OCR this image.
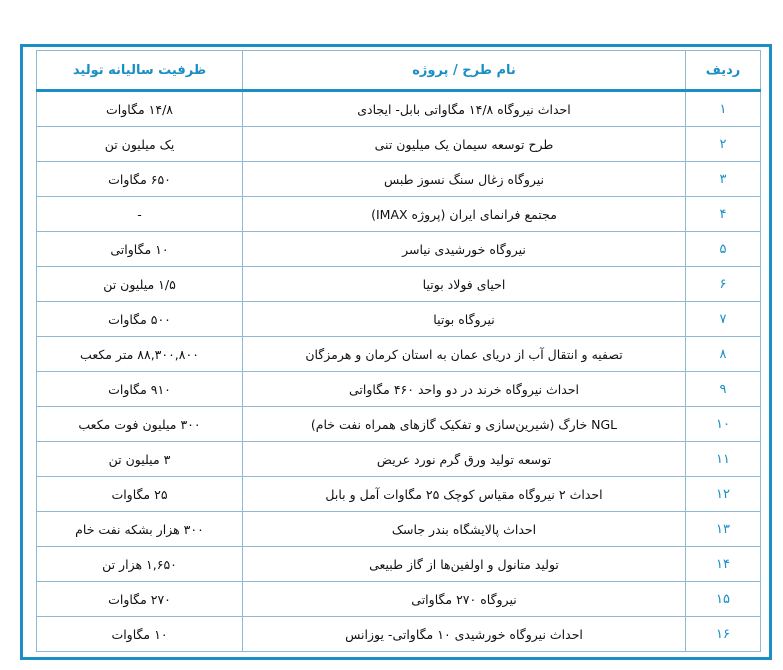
ردیف	نام طرح / پروژه	ظرفیت سالیانه تولید
۱	احداث نیروگاه ۱۴/۸ مگاواتی بابل- ایجادی	۱۴/۸ مگاوات
۲	طرح توسعه سیمان یک میلیون تنی	یک میلیون تن
۳	نیروگاه زغال سنگ نسوز طبس	۶۵۰ مگاوات
۴	مجتمع فرانمای ایران (پروژه IMAX)	-
۵	نیروگاه خورشیدی نیاسر	۱۰ مگاواتی
۶	احیای فولاد بوتیا	۱/۵ میلیون تن
۷	نیروگاه بوتیا	۵۰۰ مگاوات
۸	تصفیه و انتقال آب از دریای عمان به استان کرمان و هرمزگان	۸۸,۳۰۰,۸۰۰ متر مکعب
۹	احداث نیروگاه خرند در دو واحد ۴۶۰ مگاواتی	۹۱۰ مگاوات
۱۰	NGL خارگ (شیرین‌سازی و تفکیک گازهای همراه نفت خام)	۳۰۰ میلیون فوت مکعب
۱۱	توسعه تولید ورق گرم نورد عریض	۳ میلیون تن
۱۲	احداث ۲ نیروگاه مقیاس کوچک ۲۵ مگاوات آمل و بابل	۲۵ مگاوات
۱۳	احداث پالایشگاه بندر جاسک	۳۰۰ هزار بشکه نفت خام
۱۴	تولید متانول و اولفین‌ها از گاز طبیعی	۱,۶۵۰ هزار تن
۱۵	نیروگاه ۲۷۰ مگاواتی	۲۷۰ مگاوات
۱۶	احداث نیروگاه خورشیدی ۱۰ مگاواتی- یوزانس	۱۰ مگاوات
